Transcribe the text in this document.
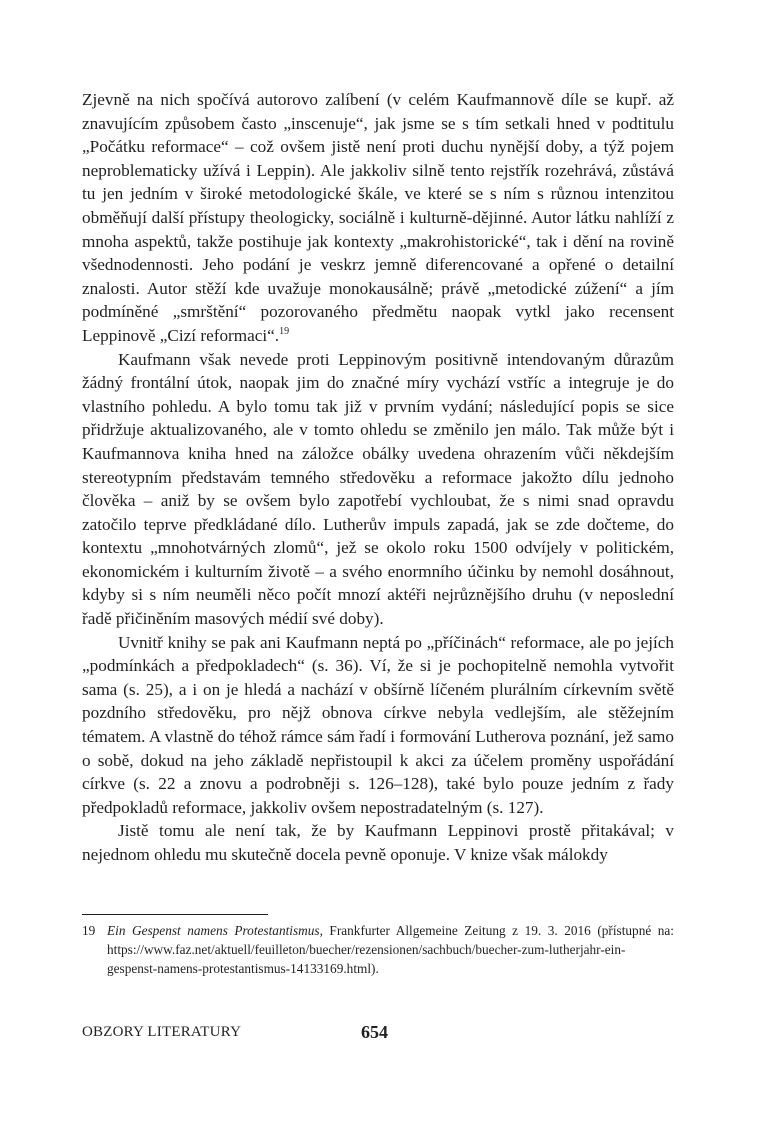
Zjevně na nich spočívá autorovo zalíbení (v celém Kaufmannově díle se kupř. až znavujícím způsobem často „inscenuje“, jak jsme se s tím setkali hned v podtitulu „Počátku reformace“ – což ovšem jistě není proti duchu nynější doby, a týž pojem neproblematicky užívá i Leppin). Ale jakkoliv silně tento rejstřík rozehrává, zůstává tu jen jedním v široké metodologické škále, ve které se s ním s různou intenzitou obměňují další přístupy theologicky, sociálně i kulturně-dějinné. Autor látku nahlíží z mnoha aspektů, takže postihuje jak kontexty „makrohistorické“, tak i dění na rovině všednodennosti. Jeho podání je veskrz jemně diferencované a opřené o detailní znalosti. Autor stěží kde uvažuje monokausálně; právě „metodické zúžení“ a jím podmíněné „smrštění“ pozorovaného předmětu naopak vytkl jako recensent Leppinově „Cizí reformaci“.$^{19}$

Kaufmann však nevede proti Leppinovým positivně intendovaným důrazům žádný frontální útok, naopak jim do značné míry vychází vstříc a integruje je do vlastního pohledu. A bylo tomu tak již v prvním vydání; následující popis se sice přidržuje aktualizovaného, ale v tomto ohledu se změnilo jen málo. Tak může být i Kaufmannova kniha hned na záložce obálky uvedena ohrazením vůči někdejším stereotypním představám temného středověku a reformace jakožto dílu jednoho člověka – aniž by se ovšem bylo zapotřebí vychloubat, že s nimi snad opravdu zatočilo teprve předkládané dílo. Lutherův impuls zapadá, jak se zde dočteme, do kontextu „mnohotvárných zlomů“, jež se okolo roku 1500 odvíjely v politickém, ekonomickém i kulturním životě – a svého enormního účinku by nemohl dosáhnout, kdyby si s ním neuměli něco počít mnozí aktéři nejrůznějšího druhu (v neposlední řadě přičiněním masových médií své doby).

Uvnitř knihy se pak ani Kaufmann neptá po „příčinách“ reformace, ale po jejích „podmínkách a předpokladech“ (s. 36). Ví, že si je pochopitelně nemohla vytvořit sama (s. 25), a i on je hledá a nachází v obšírně líčeném plurálním církevním světě pozdního středověku, pro nějž obnova církve nebyla vedlejším, ale stěžejním tématem. A vlastně do téhož rámce sám řadí i formování Lutherova poznání, jež samo o sobě, dokud na jeho základě nepřistoupil k akci za účelem proměny uspořádání církve (s. 22 a znovu a podrobněji s. 126–128), také bylo pouze jedním z řady předpokladů reformace, jakkoliv ovšem nepostradatelným (s. 127).

Jistě tomu ale není tak, že by Kaufmann Leppinovi prostě přitakával; v nejednom ohledu mu skutečně docela pevně oponuje. V knize však málokdy

19 Ein Gespenst namens Protestantismus, Frankfurter Allgemeine Zeitung z 19. 3. 2016 (přístupné na: https://www.faz.net/aktuell/feuilleton/buecher/rezensionen/sachbuch/buecher-zum-lutherjahr-ein-gespenst-namens-protestantismus-14133169.html).
OBZORY LITERATURY	654
